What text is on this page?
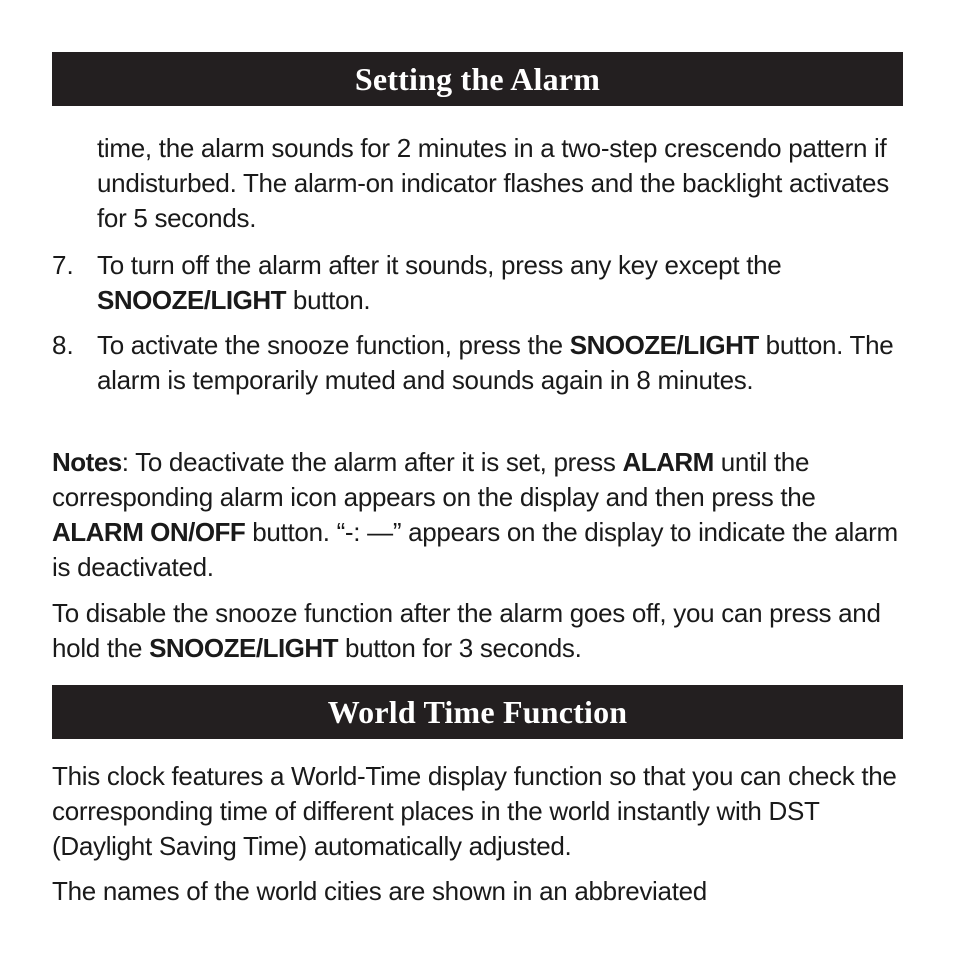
Setting the Alarm

time, the alarm sounds for 2 minutes in a two-step crescendo pattern if undisturbed. The alarm-on indicator flashes and the backlight activates for 5 seconds.

7. To turn off the alarm after it sounds, press any key except the SNOOZE/LIGHT button.

8. To activate the snooze function, press the SNOOZE/LIGHT button. The alarm is temporarily muted and sounds again in 8 minutes.

Notes: To deactivate the alarm after it is set, press ALARM until the corresponding alarm icon appears on the display and then press the ALARM ON/OFF button. “-: —” appears on the display to indicate the alarm is deactivated.

To disable the snooze function after the alarm goes off, you can press and hold the SNOOZE/LIGHT button for 3 seconds.

World Time Function

This clock features a World-Time display function so that you can check the corresponding time of different places in the world instantly with DST (Daylight Saving Time) automatically adjusted.

The names of the world cities are shown in an abbreviated
